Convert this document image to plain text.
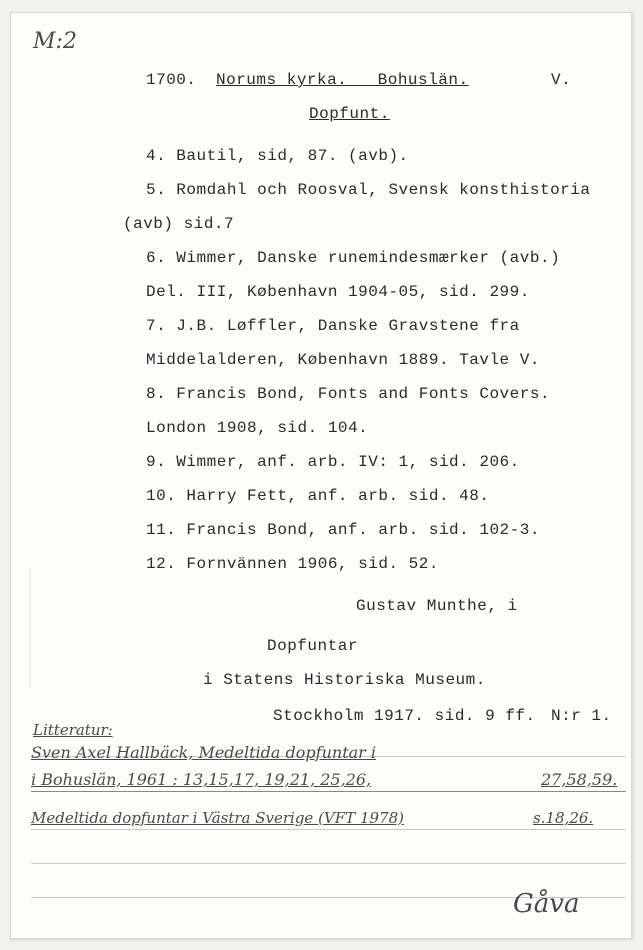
M:2
1700. Norums kyrka.   Bohuslän.	V.
Dopfunt.
4. Bautil, sid, 87. (avb).
5. Romdahl och Roosval, Svensk konsthistoria
(avb) sid.7
6. Wimmer, Danske runemindesmærker (avb.)
Del. III, København 1904-05, sid. 299.
7. J.B. Løffler, Danske Gravstene fra
Middelalderen, København 1889. Tavle V.
8. Francis Bond, Fonts and Fonts Covers.
London 1908, sid. 104.
9. Wimmer, anf. arb. IV: 1, sid. 206.
10. Harry Fett, anf. arb. sid. 48.
11. Francis Bond, anf. arb. sid. 102-3.
12. Fornvännen 1906, sid. 52.
Gustav Munthe, i
Dopfuntar
i Statens Historiska Museum.
Stockholm 1917. sid. 9 ff. N:r 1.
Litteratur:
Sven Axel Hallbäck, Medeltida dopfuntar i
i Bohuslän, 1961 : 13,15,17, 19,21, 25,26,	27,58,59.
Medeltida dopfuntar i Västra Sverige (VFT 1978)	s.18,26.
Gåva
